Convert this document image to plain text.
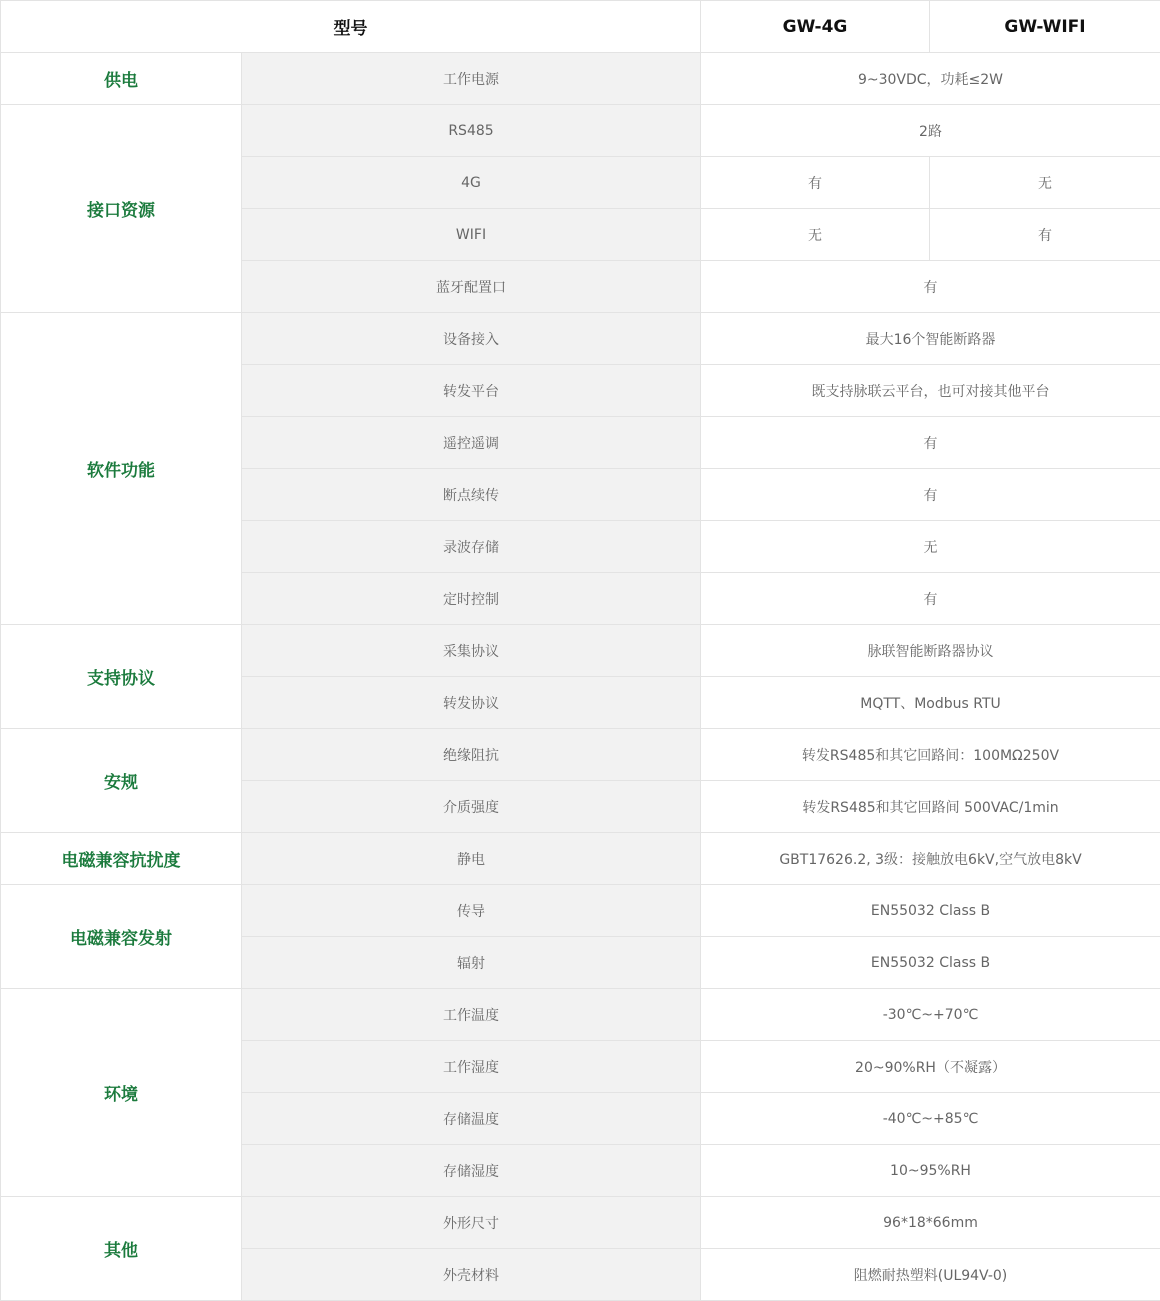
型号		GW-4G	GW-WIFI
供电	工作电源	9~30VDC，功耗≤2W	
接口资源	RS485	2路	
	4G	有	无
	WIFI	无	有
	蓝牙配置口	有	
软件功能	设备接入	最大16个智能断路器	
	转发平台	既支持脉联云平台，也可对接其他平台	
	遥控遥调	有	
	断点续传	有	
	录波存储	无	
	定时控制	有	
支持协议	采集协议	脉联智能断路器协议	
	转发协议	MQTT、Modbus RTU	
安规	绝缘阻抗	转发RS485和其它回路间：100MΩ250V	
	介质强度	转发RS485和其它回路间 500VAC/1min	
电磁兼容抗扰度	静电	GBT17626.2, 3级：接触放电6kV,空气放电8kV	
电磁兼容发射	传导	EN55032 Class B	
	辐射	EN55032 Class B	
环境	工作温度	-30℃~+70℃	
	工作湿度	20~90%RH（不凝露）	
	存储温度	-40℃~+85℃	
	存储湿度	10~95%RH	
其他	外形尺寸	96*18*66mm	
	外壳材料	阻燃耐热塑料(UL94V-0)	
